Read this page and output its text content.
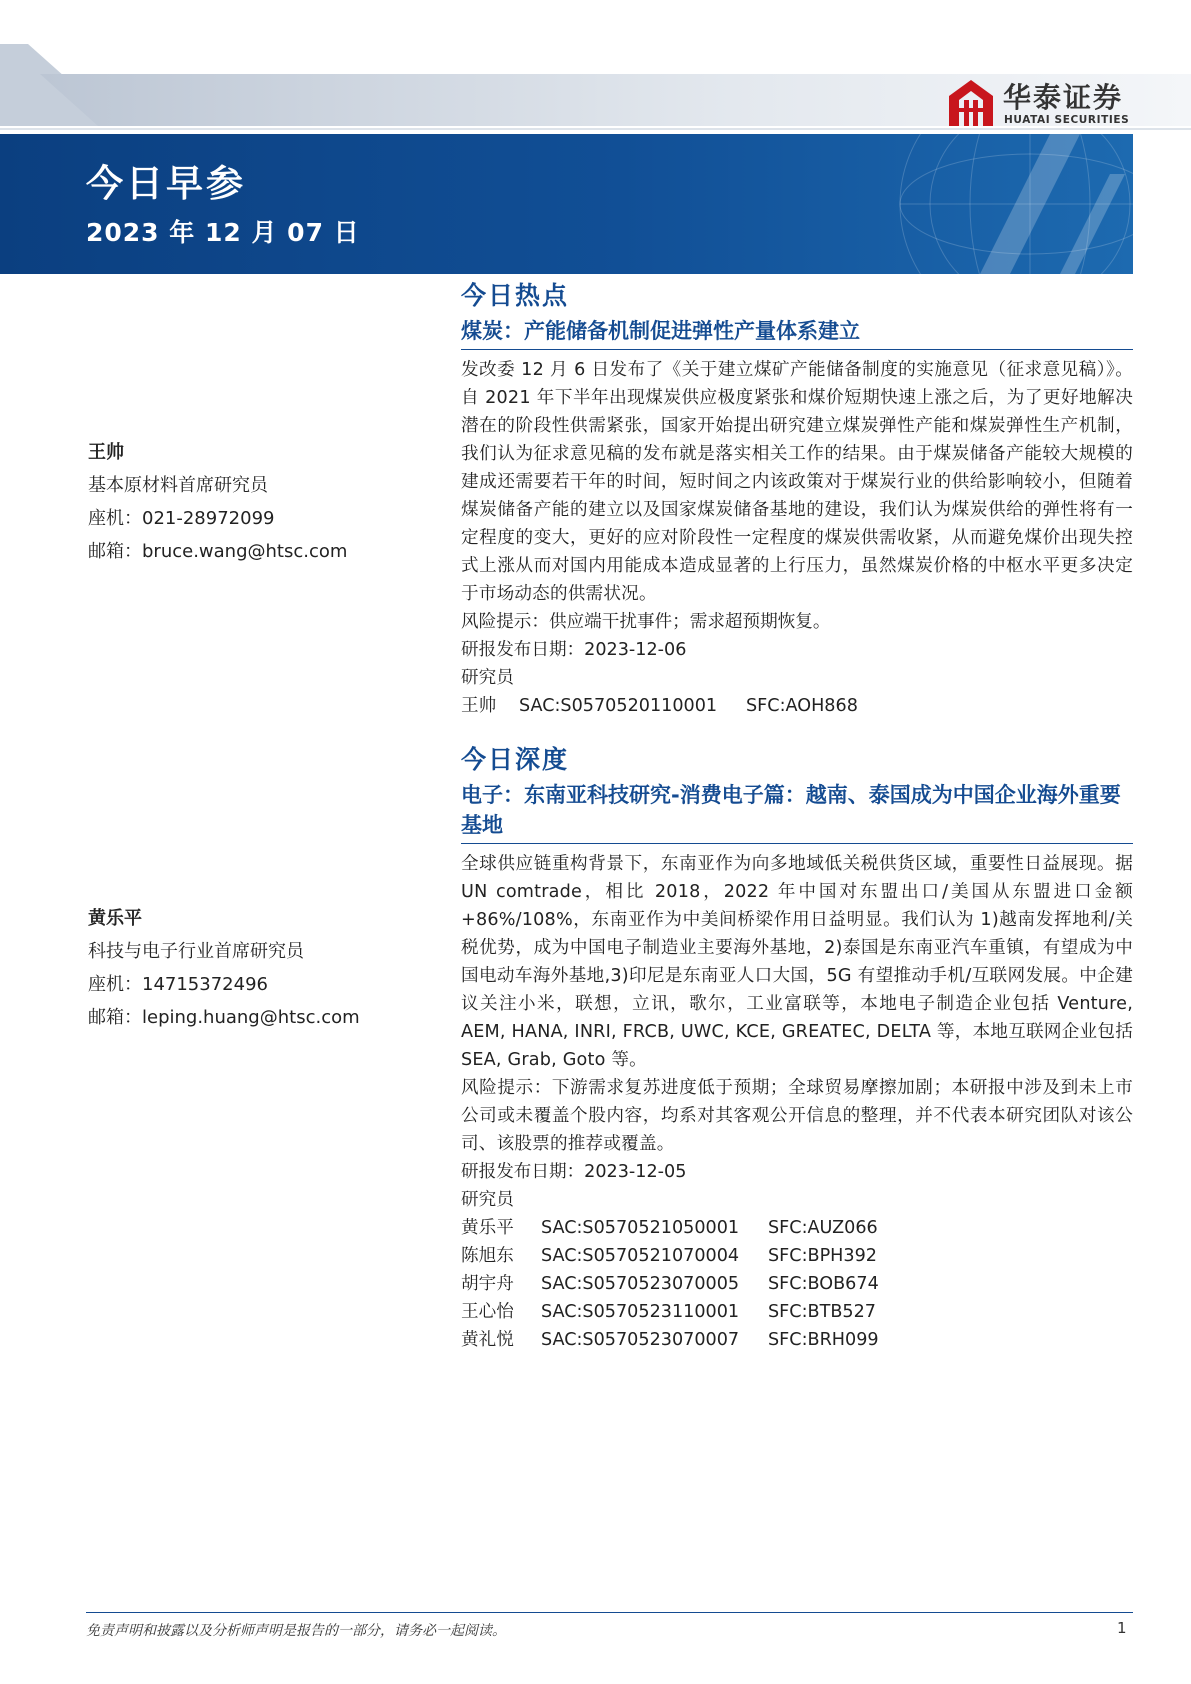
今日早参
2023 年 12 月 07 日
华泰证券
HUATAI SECURITIES
王帅
基本原材料首席研究员
座机：021-28972099
邮箱：bruce.wang@htsc.com
黄乐平
科技与电子行业首席研究员
座机：14715372496
邮箱：leping.huang@htsc.com
今日热点
煤炭：产能储备机制促进弹性产量体系建立

发改委 12 月 6 日发布了《关于建立煤矿产能储备制度的实施意见（征求意见稿）》。自 2021 年下半年出现煤炭供应极度紧张和煤价短期快速上涨之后，为了更好地解决潜在的阶段性供需紧张，国家开始提出研究建立煤炭弹性产能和煤炭弹性生产机制，我们认为征求意见稿的发布就是落实相关工作的结果。由于煤炭储备产能较大规模的建成还需要若干年的时间，短时间之内该政策对于煤炭行业的供给影响较小，但随着煤炭储备产能的建立以及国家煤炭储备基地的建设，我们认为煤炭供给的弹性将有一定程度的变大，更好的应对阶段性一定程度的煤炭供需收紧，从而避免煤价出现失控式上涨从而对国内用能成本造成显著的上行压力，虽然煤炭价格的中枢水平更多决定于市场动态的供需状况。

风险提示：供应端干扰事件；需求超预期恢复。
研报发布日期：2023-12-06
研究员
王帅	SAC:S0570520110001	SFC:AOH868
今日深度
电子：东南亚科技研究-消费电子篇：越南、泰国成为中国企业海外重要基地

全球供应链重构背景下，东南亚作为向多地域低关税供货区域，重要性日益展现。据 UN comtrade，相比 2018，2022 年中国对东盟出口/美国从东盟进口金额+86%/108%，东南亚作为中美间桥梁作用日益明显。我们认为 1)越南发挥地利/关税优势，成为中国电子制造业主要海外基地，2)泰国是东南亚汽车重镇，有望成为中国电动车海外基地,3)印尼是东南亚人口大国，5G 有望推动手机/互联网发展。中企建议关注小米，联想，立讯，歌尔，工业富联等，本地电子制造企业包括 Venture, AEM, HANA, INRI, FRCB, UWC, KCE, GREATEC, DELTA 等，本地互联网企业包括 SEA, Grab, Goto 等。

风险提示：下游需求复苏进度低于预期；全球贸易摩擦加剧；本研报中涉及到未上市公司或未覆盖个股内容，均系对其客观公开信息的整理，并不代表本研究团队对该公司、该股票的推荐或覆盖。
研报发布日期：2023-12-05
研究员
黄乐平	SAC:S0570521050001	SFC:AUZ066
陈旭东	SAC:S0570521070004	SFC:BPH392
胡宇舟	SAC:S0570523070005	SFC:BOB674
王心怡	SAC:S0570523110001	SFC:BTB527
黄礼悦	SAC:S0570523070007	SFC:BRH099
免责声明和披露以及分析师声明是报告的一部分，请务必一起阅读。	1
